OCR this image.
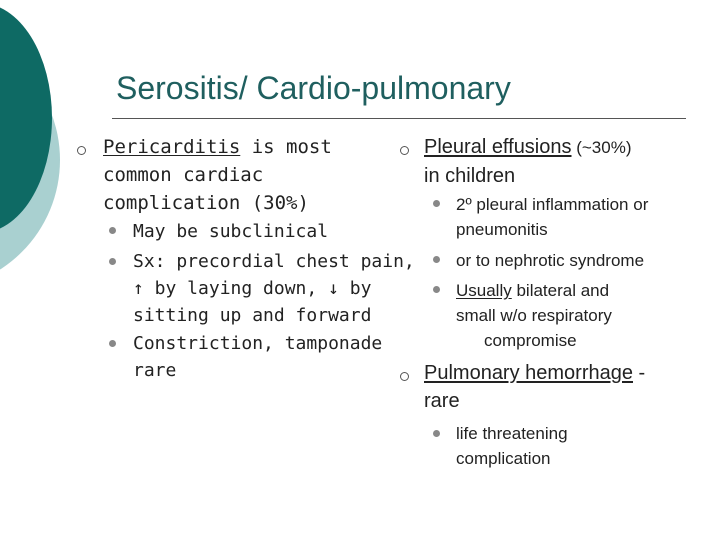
Serositis/ Cardio-pulmonary
Pericarditis is most
common cardiac
complication (30%)
May be subclinical
Sx: precordial chest pain,
↑ by laying down, ↓ by
sitting up and forward
Constriction, tamponade
rare
Pleural effusions (~30%)
in children
2º pleural inflammation or
pneumonitis
or to nephrotic syndrome
Usually bilateral and
small w/o respiratory
compromise
Pulmonary hemorrhage -
rare
life threatening
complication
